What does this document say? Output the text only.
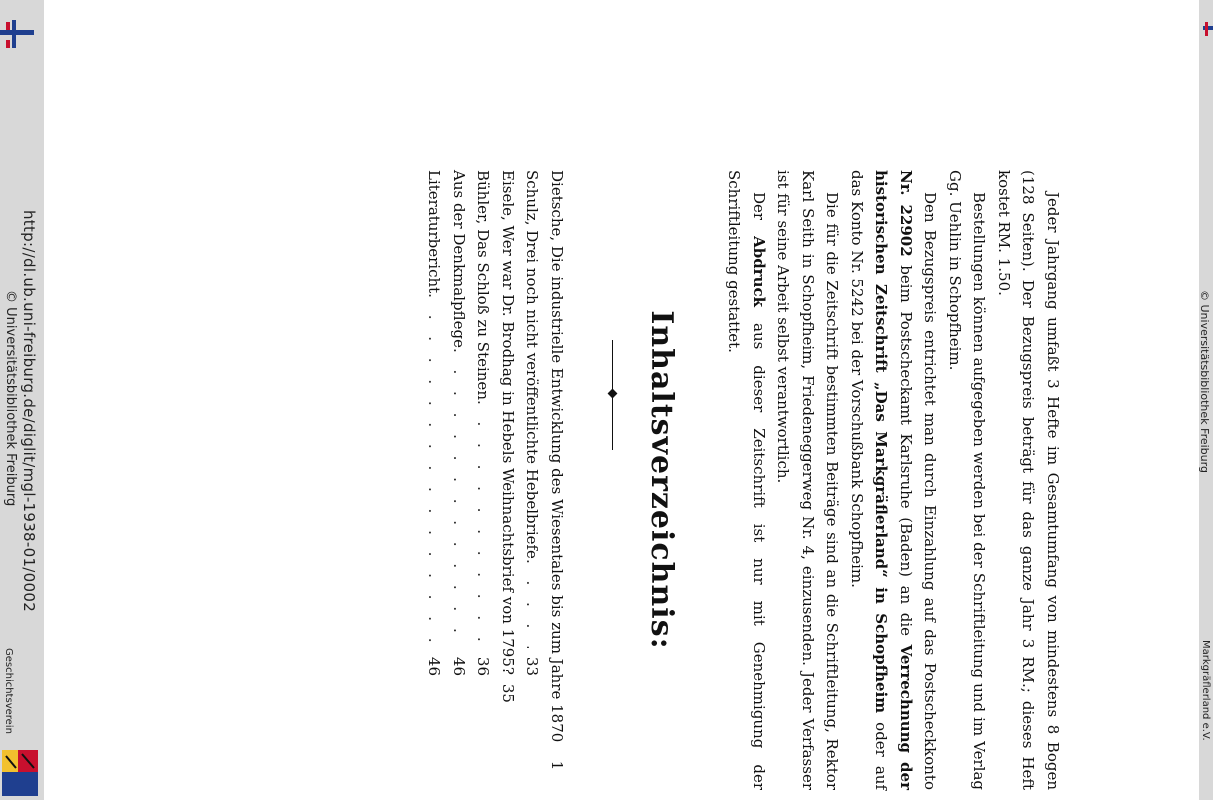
http://dl.ub.uni-freiburg.de/diglit/mgl-1938-01/0002
© Universitätsbibliothek Freiburg
Geschichtsverein
© Universitätsbibliothek Freiburg
Markgräflerland e.V.

Jeder Jahrgang umfaßt 3 Hefte im Gesamtumfang von mindestens 8 Bogen (128 Seiten). Der Bezugspreis beträgt für das ganze Jahr 3 RM.; dieses Heft kostet RM. 1.50.

Bestellungen können aufgegeben werden bei der Schriftleitung und im Verlag Gg. Uehlin in Schopfheim.

Den Bezugspreis entrichtet man durch Einzahlung auf das Postscheckkonto Nr. 22902 beim Postscheckamt Karlsruhe (Baden) an die Verrechnung der historischen Zeitschrift „Das Markgräflerland“ in Schopfheim oder auf das Konto Nr. 5242 bei der Vorschußbank Schopfheim.

Die für die Zeitschrift bestimmten Beiträge sind an die Schriftleitung, Rektor Karl Seith in Schopfheim, Friedeneggerweg Nr. 4, einzusenden. Jeder Verfasser ist für seine Arbeit selbst verantwortlich.

Der Abdruck aus dieser Zeitschrift ist nur mit Genehmigung der Schriftleitung gestattet.

Inhaltsverzeichnis:
Dietsche, Die industrielle Entwicklung des Wiesentales bis zum Jahre 1870
1
Schulz, Drei noch nicht veröffentlichte Hebelbriefe
. . .
33
Eisele, Wer war Dr. Brodhag in Hebels Weihnachtsbrief von 1795?
35
Bühler, Das Schloß zu Steinen
. . .
36
Aus der Denkmalpflege
. . .
46
Literaturbericht
. . .
46
